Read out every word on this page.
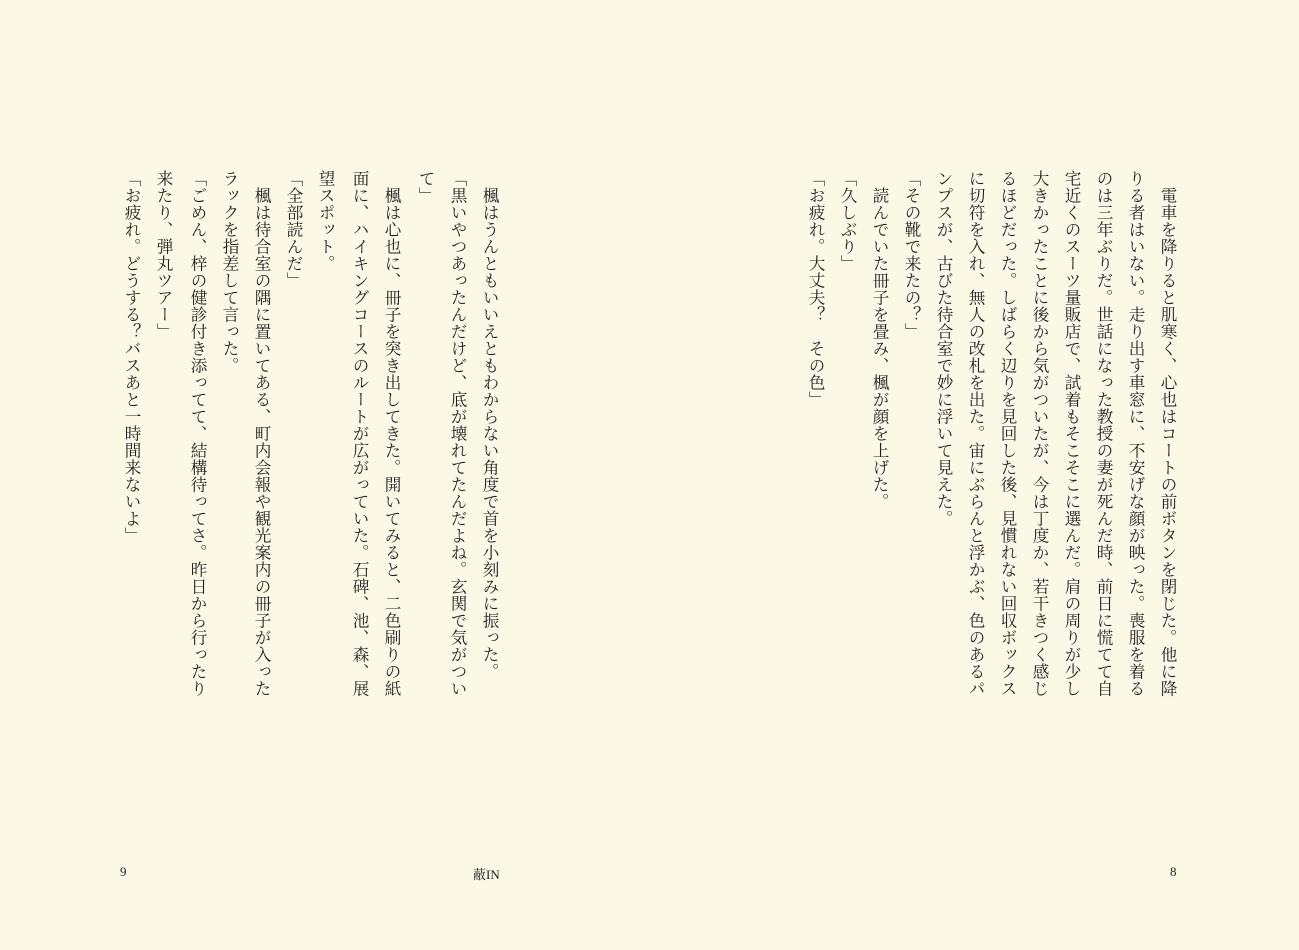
　電車を降りると肌寒く、心也はコートの前ボタンを閉じた。他に降
りる者はいない。走り出す車窓に、不安げな顔が映った。喪服を着る
のは三年ぶりだ。世話になった教授の妻が死んだ時、前日に慌てて自
宅近くのスーツ量販店で、試着もそこそこに選んだ。肩の周りが少し
大きかったことに後から気がついたが、今は丁度か、若干きつく感じ
るほどだった。しばらく辺りを見回した後、見慣れない回収ボックス
に切符を入れ、無人の改札を出た。宙にぶらんと浮かぶ、色のあるパ
ンプスが、古びた待合室で妙に浮いて見えた。
「その靴で来たの？」
　読んでいた冊子を畳み、楓が顔を上げた。
「久しぶり」
「お疲れ。大丈夫？　その色」
　楓はうんともいいえともわからない角度で首を小刻みに振った。
「黒いやつあったんだけど、底が壊れてたんだよね。玄関で気がつい
て」
　楓は心也に、冊子を突き出してきた。開いてみると、二色刷りの紙
面に、ハイキングコースのルートが広がっていた。石碑、池、森、展
望スポット。
「全部読んだ」
　楓は待合室の隅に置いてある、町内会報や観光案内の冊子が入った
ラックを指差して言った。
「ごめん、梓の健診付き添ってて、結構待ってさ。昨日から行ったり
来たり、弾丸ツアー」
「お疲れ。どうする？バスあと一時間来ないよ」
9	蔽IN	8
